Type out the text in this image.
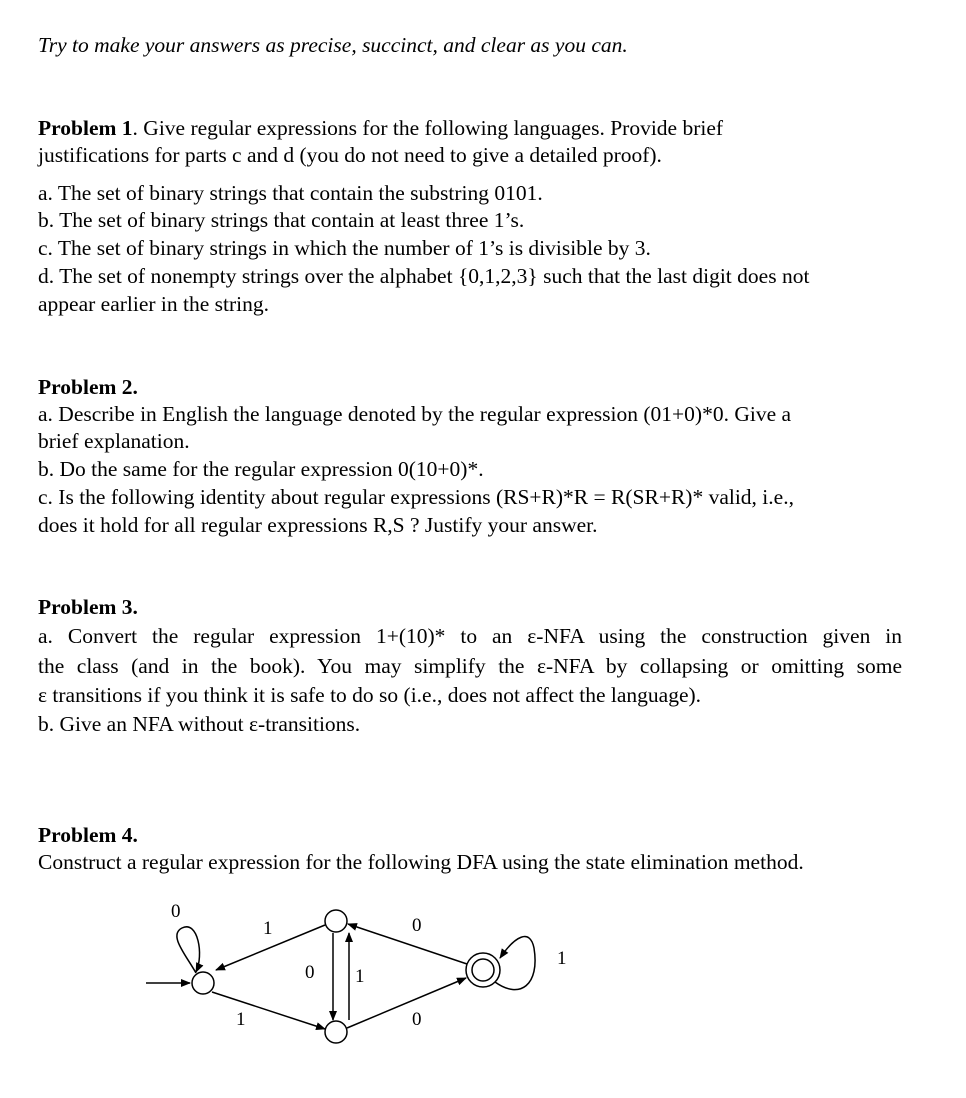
Try to make your answers as precise, succinct, and clear as you can.
Problem 1. Give regular expressions for the following languages. Provide brief
justifications for parts c and d (you do not need to give a detailed proof).
a. The set of binary strings that contain the substring 0101.
b. The set of binary strings that contain at least three 1’s.
c. The set of binary strings in which the number of 1’s is divisible by 3.
d. The set of nonempty strings over the alphabet {0,1,2,3} such that the last digit does not
appear earlier in the string.
Problem 2.
a. Describe in English the language denoted by the regular expression (01+0)*0. Give a
brief explanation.
b. Do the same for the regular expression 0(10+0)*.
c. Is the following identity about regular expressions (RS+R)*R = R(SR+R)* valid, i.e.,
does it hold for all regular expressions R,S ? Justify your answer.
Problem 3.
a. Convert the regular expression 1+(10)* to an ε-NFA using the construction given in
the class (and in the book). You may simplify the ε-NFA by collapsing or omitting some
ε transitions if you think it is safe to do so (i.e., does not affect the language).
b. Give an NFA without ε-transitions.
Problem 4.
Construct a regular expression for the following DFA using the state elimination method.
0
1
1
0 1
0
0
1
